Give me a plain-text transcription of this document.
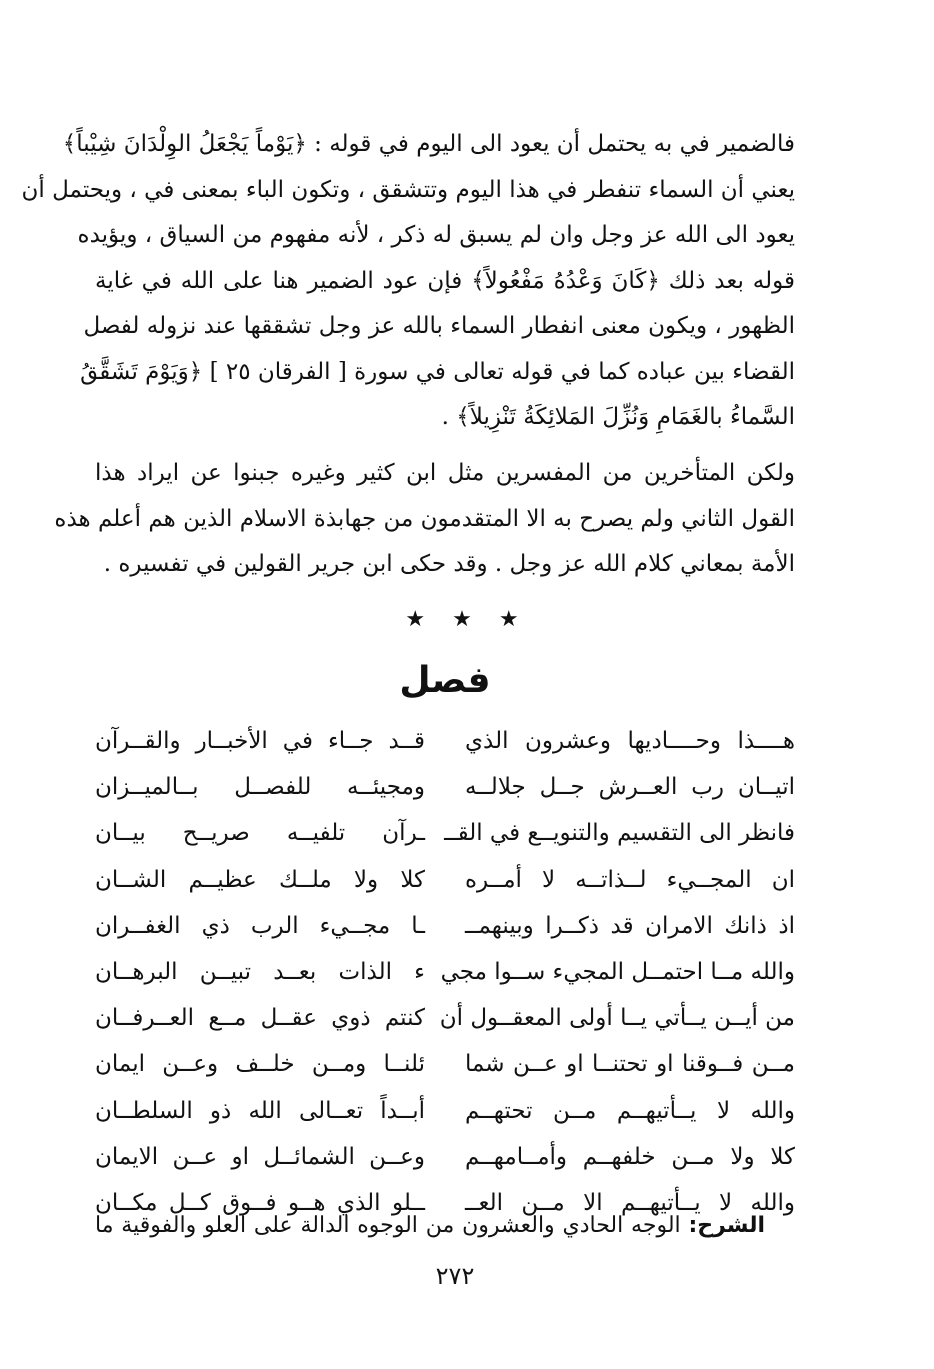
فالضمير في به يحتمل أن يعود الى اليوم في قوله : ﴿يَوْماً يَجْعَلُ الوِلْدَانَ شِيْباً﴾
يعني أن السماء تنفطر في هذا اليوم وتتشقق ، وتكون الباء بمعنى في ، ويحتمل أن
يعود الى الله عز وجل وان لم يسبق له ذكر ، لأنه مفهوم من السياق ، ويؤيده
قوله بعد ذلك ﴿كَانَ وَعْدُهُ مَفْعُولاً﴾ فإن عود الضمير هنا على الله في غاية
الظهور ، ويكون معنى انفطار السماء بالله عز وجل تشققها عند نزوله لفصل
القضاء بين عباده كما في قوله تعالى في سورة [ الفرقان ٢٥ ] ﴿وَيَوْمَ تَشَقَّقُ
السَّماءُ بالغَمَامِ وَنُزِّلَ المَلائِكَةُ تَنْزِيلاً﴾ .
ولكن المتأخرين من المفسرين مثل ابن كثير وغيره جبنوا عن ايراد هذا
القول الثاني ولم يصرح به الا المتقدمون من جهابذة الاسلام الذين هم أعلم هذه
الأمة بمعاني كلام الله عز وجل . وقد حكى ابن جرير القولين في تفسيره .
★ ★ ★
فصل
هــــذا وحــــاديها وعشرون الذي
قــد جــاء في الأخبــار والقــرآن
اتيــان رب العــرش جــل جلالــه
ومجيئــه للفصــل بــالميــزان
فانظر الى التقسيم والتنويــع في القــ
ـرآن تلفيــه صريــح بيــان
ان المجــيء لــذاتــه لا أمــره
كلا ولا ملــك عظيــم الشــان
اذ ذانك الامران قد ذكــرا وبينهمــ
ـا مجــيء الرب ذي الغفــران
والله مــا احتمــل المجيء ســوا مجي
ء الذات بعــد تبيــن البرهــان
من أيــن يــأتي يــا أولى المعقــول أن
كنتم ذوي عقــل مــع العــرفــان
مــن فــوقنا او تحتنــا او عــن شما
ئلنــا ومــن خلــف وعــن ايمان
والله لا يــأتيهــم مــن تحتهــم
أبــداً تعــالى الله ذو السلطــان
كلا ولا مــن خلفهــم وأمــامهــم
وعــن الشمائــل او عــن الايمان
والله لا يــأتيهــم الا مــن العــ
ــلو الذي هــو فــوق كــل مكــان
الشرح: الوجه الحادي والعشرون من الوجوه الدالة على العلو والفوقية ما
٢٧٢
